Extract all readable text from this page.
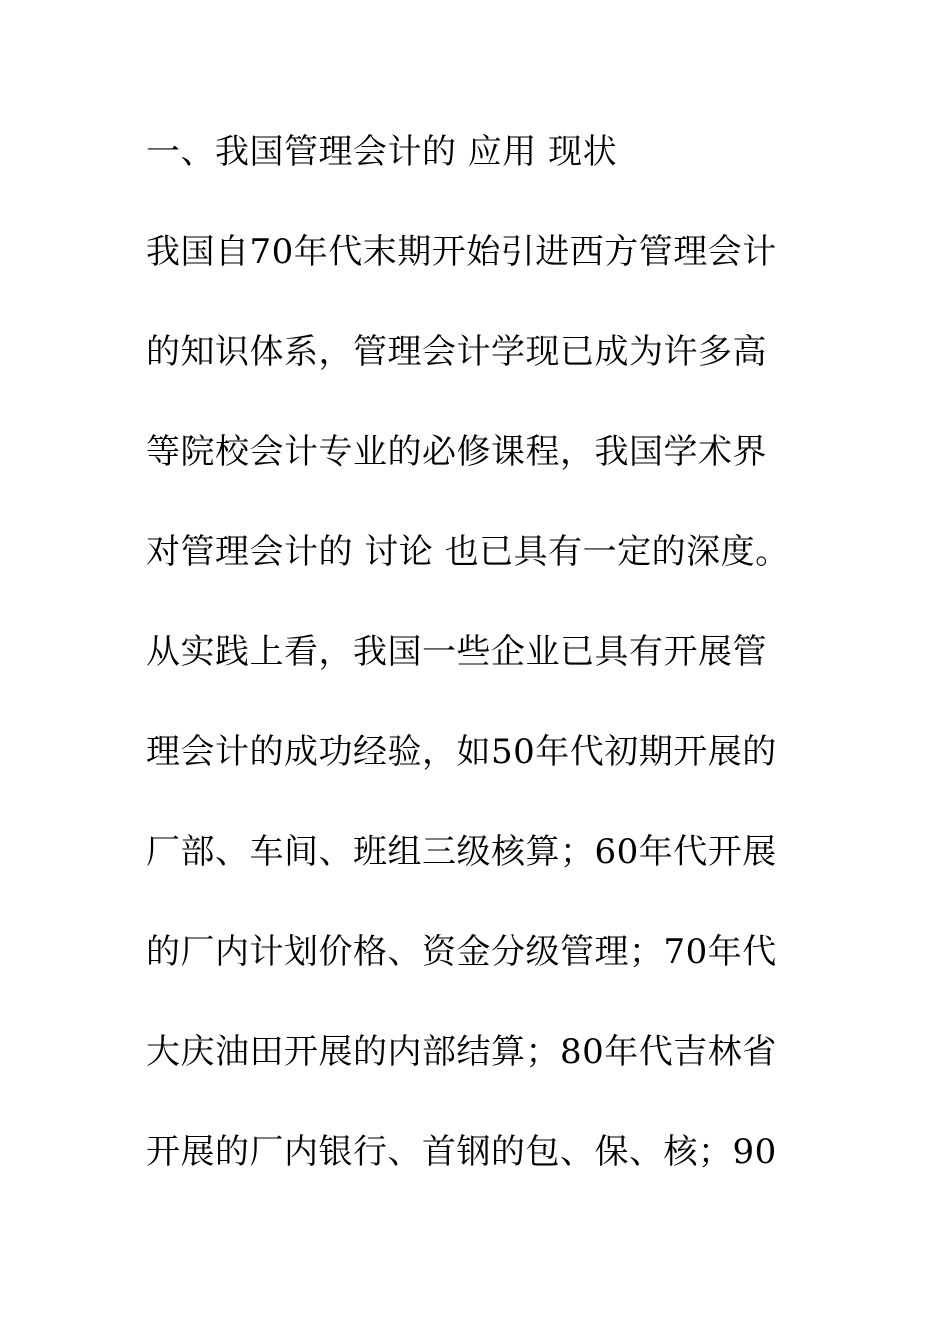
一、我国管理会计的 应用 现状

我国自70年代末期开始引进西方管理会计

的知识体系，管理会计学现已成为许多高

等院校会计专业的必修课程，我国学术界

对管理会计的 讨论 也已具有一定的深度。

从实践上看，我国一些企业已具有开展管

理会计的成功经验，如50年代初期开展的

厂部、车间、班组三级核算；60年代开展

的厂内计划价格、资金分级管理；70年代

大庆油田开展的内部结算；80年代吉林省

开展的厂内银行、首钢的包、保、核；90
